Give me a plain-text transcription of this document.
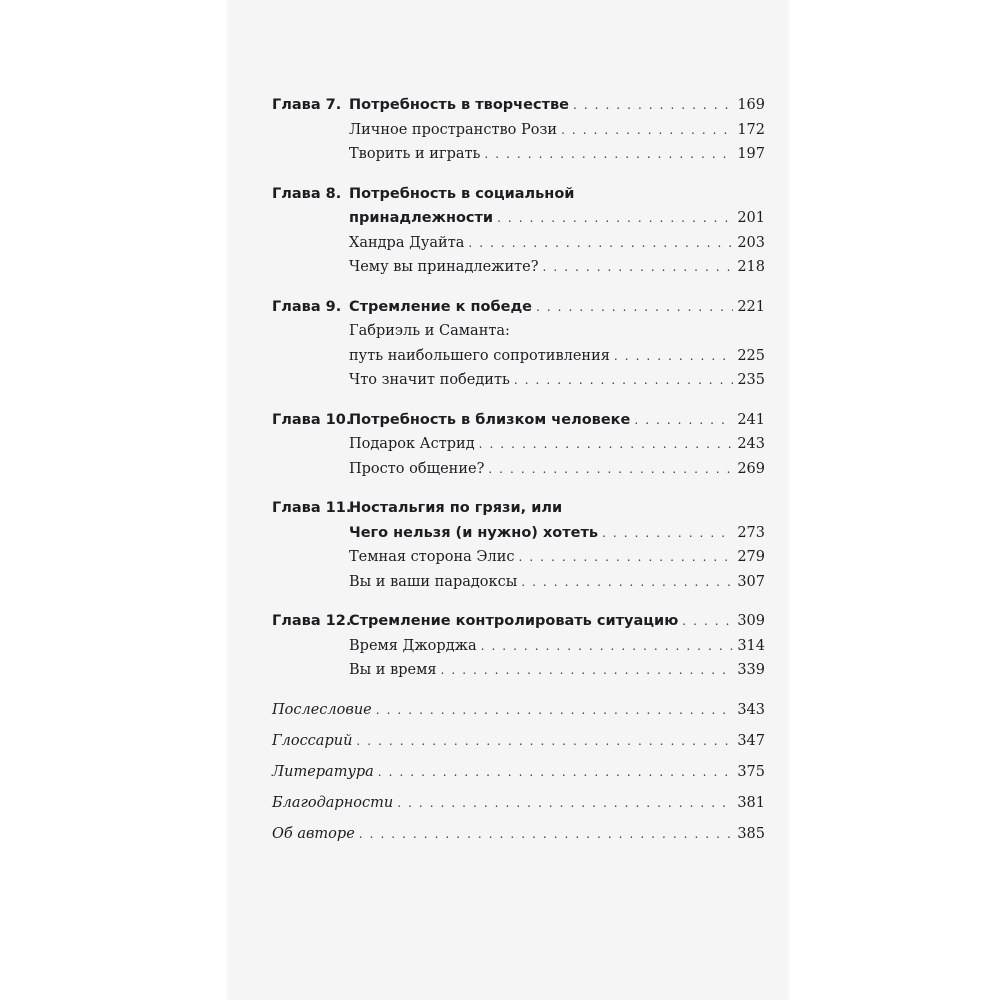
Глава 7. Потребность в творчестве . . .	169
Личное пространство Рози . . .	172
Творить и играть . . .	197
Глава 8. Потребность в социальной
принадлежности . . .	201
Хандра Дуайта . . .	203
Чему вы принадлежите? . . .	218
Глава 9. Стремление к победе . . .	221
Габриэль и Саманта:
путь наибольшего сопротивления . . .	225
Что значит победить . . .	235
Глава 10.
Потребность в близком человеке . . .	241
Подарок Астрид . . .	243
Просто общение? . . .	269
Глава 11.
Ностальгия по грязи, или
Чего нельзя (и нужно) хотеть . . .	273
Темная сторона Элис . . .	279
Вы и ваши парадоксы . . .	307
Глава 12.
Стремление контролировать ситуацию . . .	309
Время Джорджа . . .	314
Вы и время . . .	339
Послесловие . . .	343
Глоссарий . . .	347
Литература . . .	375
Благодарности . . .	381
Об авторе . . .	385
